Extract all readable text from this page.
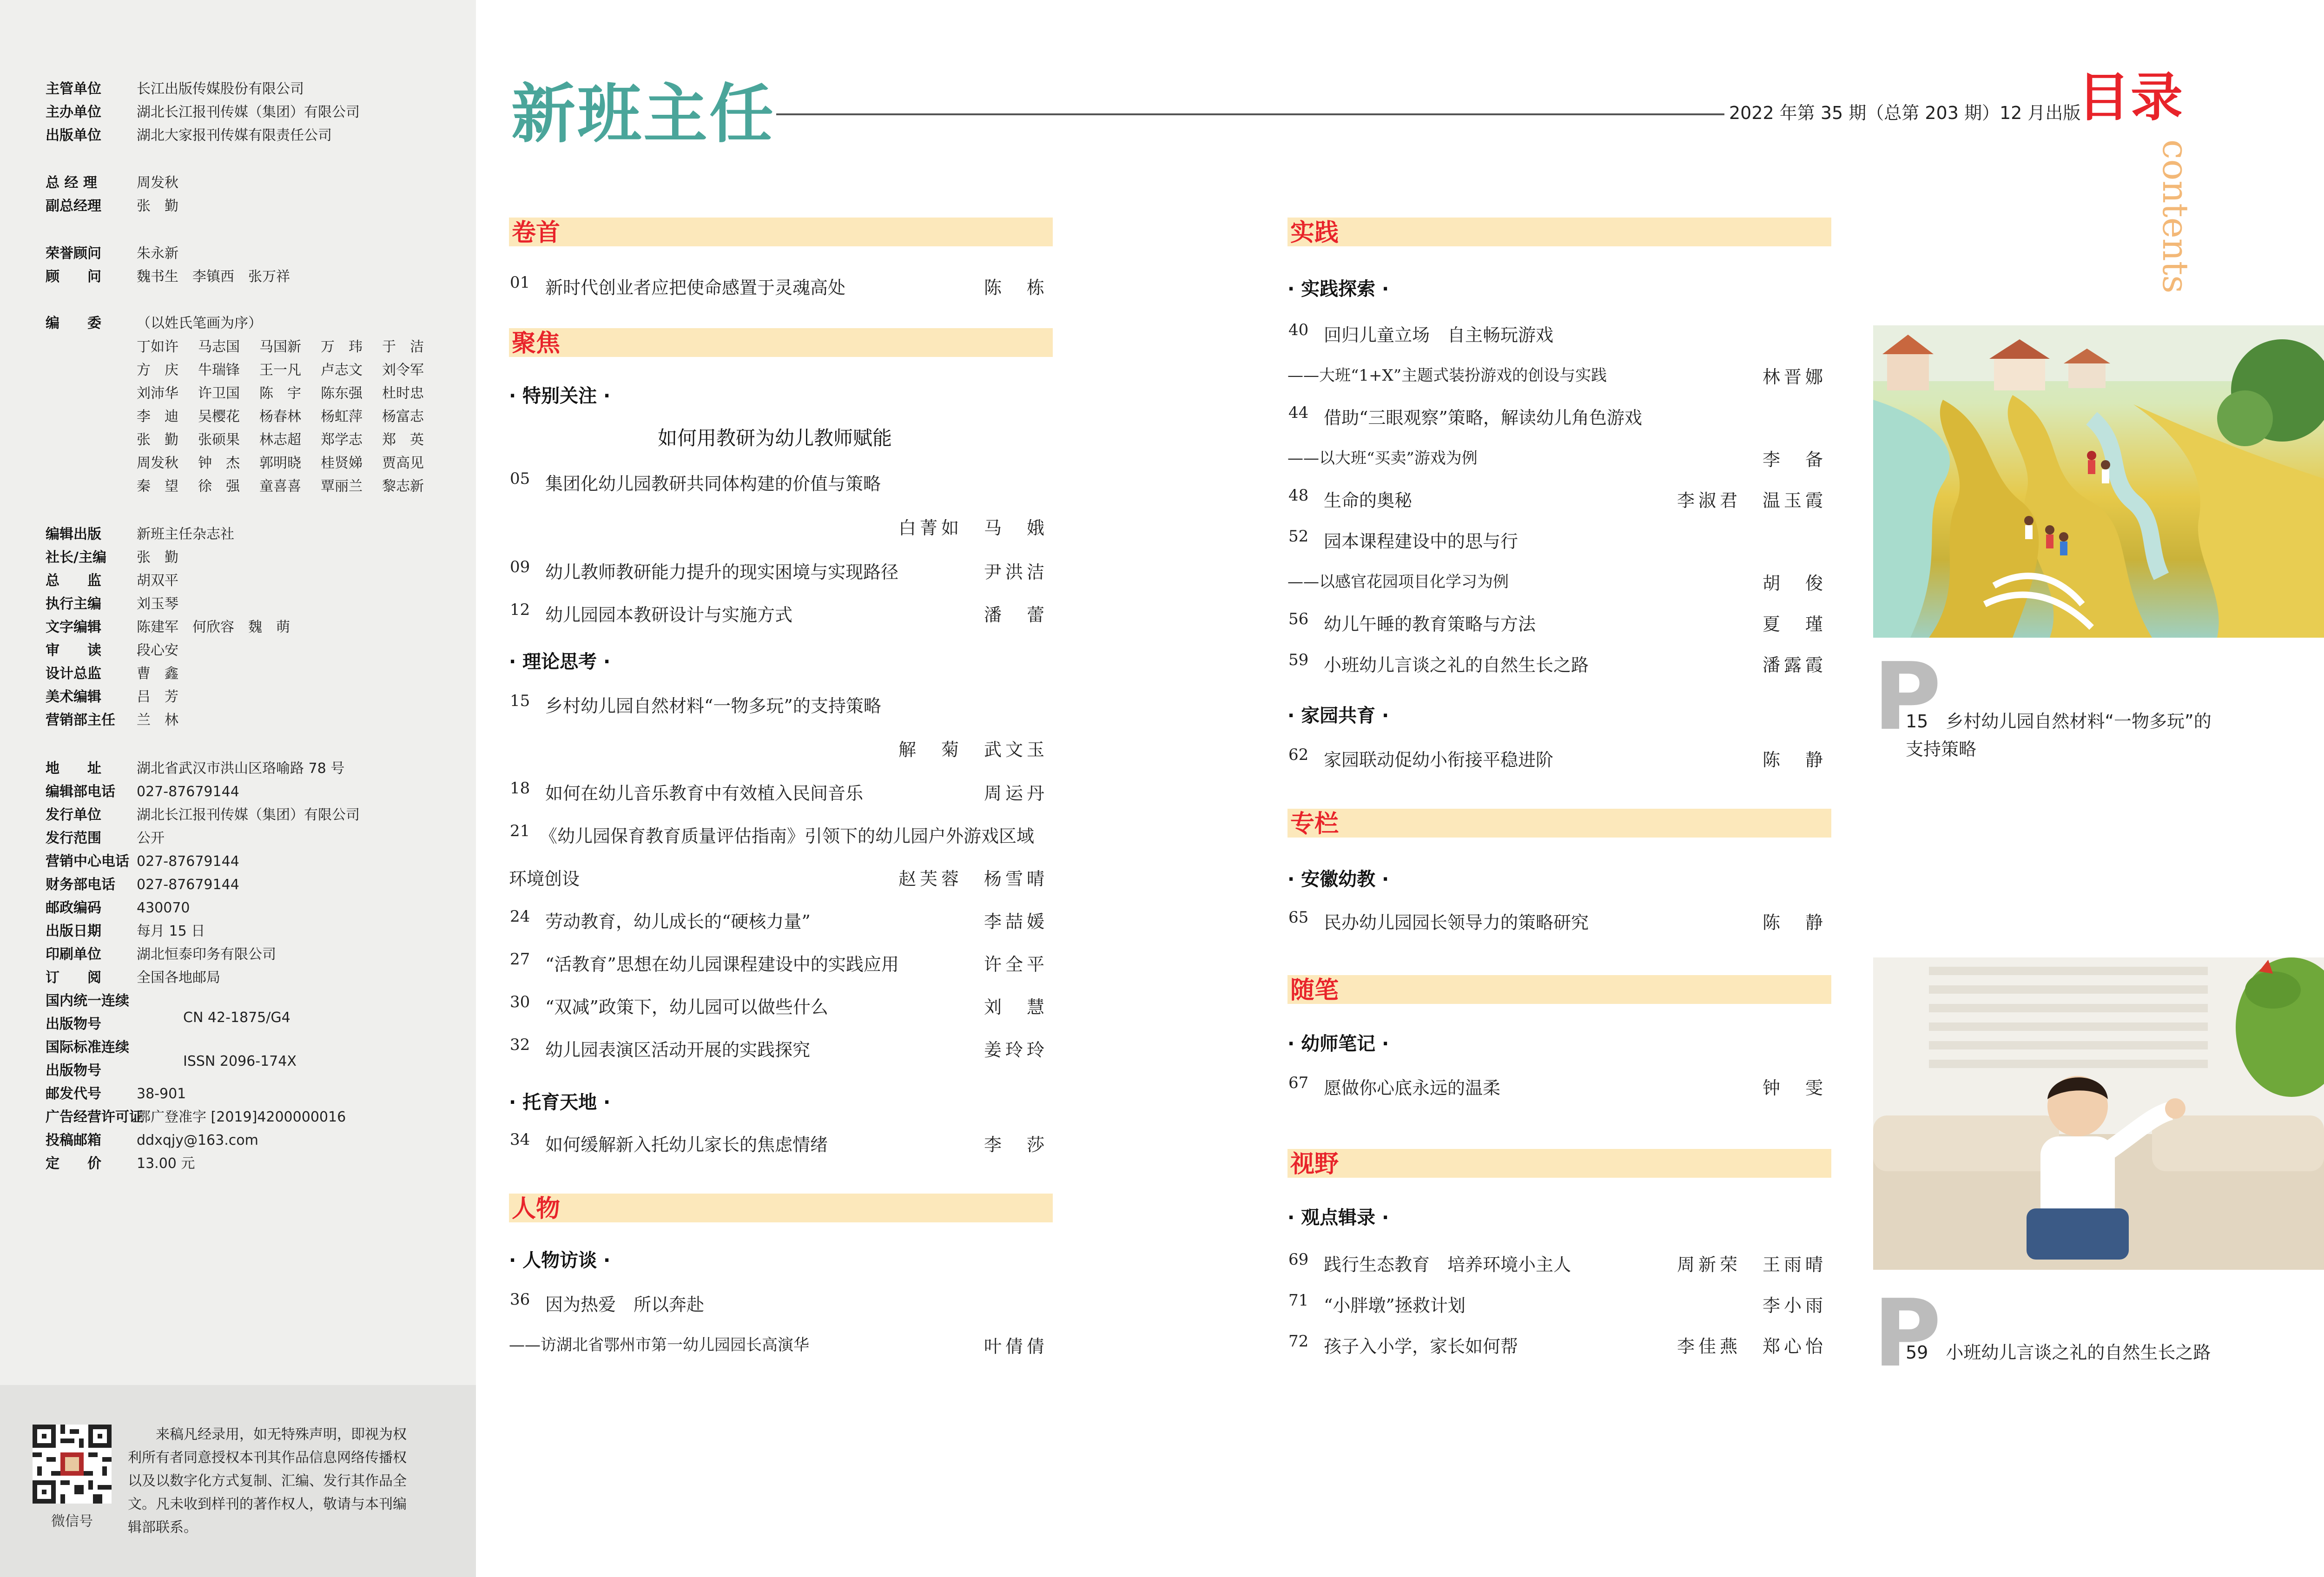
主管单位	长江出版传媒股份有限公司
主办单位	湖北长江报刊传媒（集团）有限公司
出版单位	湖北大家报刊传媒有限责任公司
总 经 理	周发秋
副总经理	张　勤
荣誉顾问	朱永新
顾　　问	魏书生　李镇西　张万祥
编　　委	（以姓氏笔画为序）
丁如许	马志国	马国新	万　玮	于　洁
方　庆	牛瑞锋	王一凡	卢志文	刘令军
刘沛华	许卫国	陈　宇	陈东强	杜时忠
李　迪	吴樱花	杨春林	杨虹萍	杨富志
张　勤	张硕果	林志超	郑学志	郑　英
周发秋	钟　杰	郭明晓	桂贤娣	贾高见
秦　望	徐　强	童喜喜	覃丽兰	黎志新
编辑出版	新班主任杂志社
社长/主编	张　勤
总　　监	胡双平
执行主编	刘玉琴
文字编辑	陈建军　何欣容　魏　萌
审　　读	段心安
设计总监	曹　鑫
美术编辑	吕　芳
营销部主任	兰　林
地　　址	湖北省武汉市洪山区珞喻路 78 号
编辑部电话	027-87679144
发行单位	湖北长江报刊传媒（集团）有限公司
发行范围	公开
营销中心电话 027-87679144
财务部电话	027-87679144
邮政编码	430070
出版日期	每月 15 日
印刷单位	湖北恒泰印务有限公司
订　　阅	全国各地邮局
国内统一连续
出版物号	CN 42-1875/G4
国际标准连续
出版物号
ISSN 2096-174X
邮发代号	38-901
广告经营许可证
鄂广登准字 [2019]4200000016
投稿邮箱	ddxqjy@163.com
定　　价	13.00 元
微信号
来稿凡经录用，如无特殊声明，即视为权利所有者同意授权本刊其作品信息网络传播权以及以数字化方式复制、汇编、发行其作品全文。凡未收到样刊的著作权人，敬请与本刊编辑部联系。
新班主任	2022 年第 35 期（总第 203 期）12 月出版
目录
contents
卷首
01 新时代创业者应把使命感置于灵魂高处	陈　栋
聚焦
· 特别关注 ·
如何用教研为幼儿教师赋能
05 集团化幼儿园教研共同体构建的价值与策略
白菁如　马　娥
09 幼儿教师教研能力提升的现实困境与实现路径	尹洪洁
12 幼儿园园本教研设计与实施方式	潘　蕾
· 理论思考 ·
15 乡村幼儿园自然材料“一物多玩”的支持策略
解　菊　武文玉
18 如何在幼儿音乐教育中有效植入民间音乐	周运丹
21 《幼儿园保育教育质量评估指南》引领下的幼儿园户外游戏区域
环境创设	赵芙蓉　杨雪晴
24 劳动教育，幼儿成长的“硬核力量”	李喆媛
27 “活教育”思想在幼儿园课程建设中的实践应用	许全平
30 “双减”政策下，幼儿园可以做些什么	刘　慧
32 幼儿园表演区活动开展的实践探究	姜玲玲
· 托育天地 ·
34 如何缓解新入托幼儿家长的焦虑情绪	李　莎
人物
· 人物访谈 ·
36 因为热爱　所以奔赴
——访湖北省鄂州市第一幼儿园园长高演华	叶倩倩
实践
· 实践探索 ·
40 回归儿童立场　自主畅玩游戏
——大班“1+X”主题式装扮游戏的创设与实践	林晋娜
44 借助“三眼观察”策略，解读幼儿角色游戏
——以大班“买卖”游戏为例	李　备
48 生命的奥秘	李淑君　温玉霞
52 园本课程建设中的思与行
——以感官花园项目化学习为例	胡　俊
56 幼儿午睡的教育策略与方法	夏　瑾
59 小班幼儿言谈之礼的自然生长之路	潘露霞
· 家园共育 ·
62 家园联动促幼小衔接平稳进阶	陈　静
专栏
· 安徽幼教 ·
65 民办幼儿园园长领导力的策略研究	陈　静
随笔
· 幼师笔记 ·
67 愿做你心底永远的温柔	钟　雯
视野
· 观点辑录 ·
69 践行生态教育　培养环境小主人	周新荣　王雨晴
71 “小胖墩”拯救计划	李小雨
72 孩子入小学，家长如何帮	李佳燕　郑心怡
P
15　乡村幼儿园自然材料“一物多玩”的
支持策略
P
59　小班幼儿言谈之礼的自然生长之路
